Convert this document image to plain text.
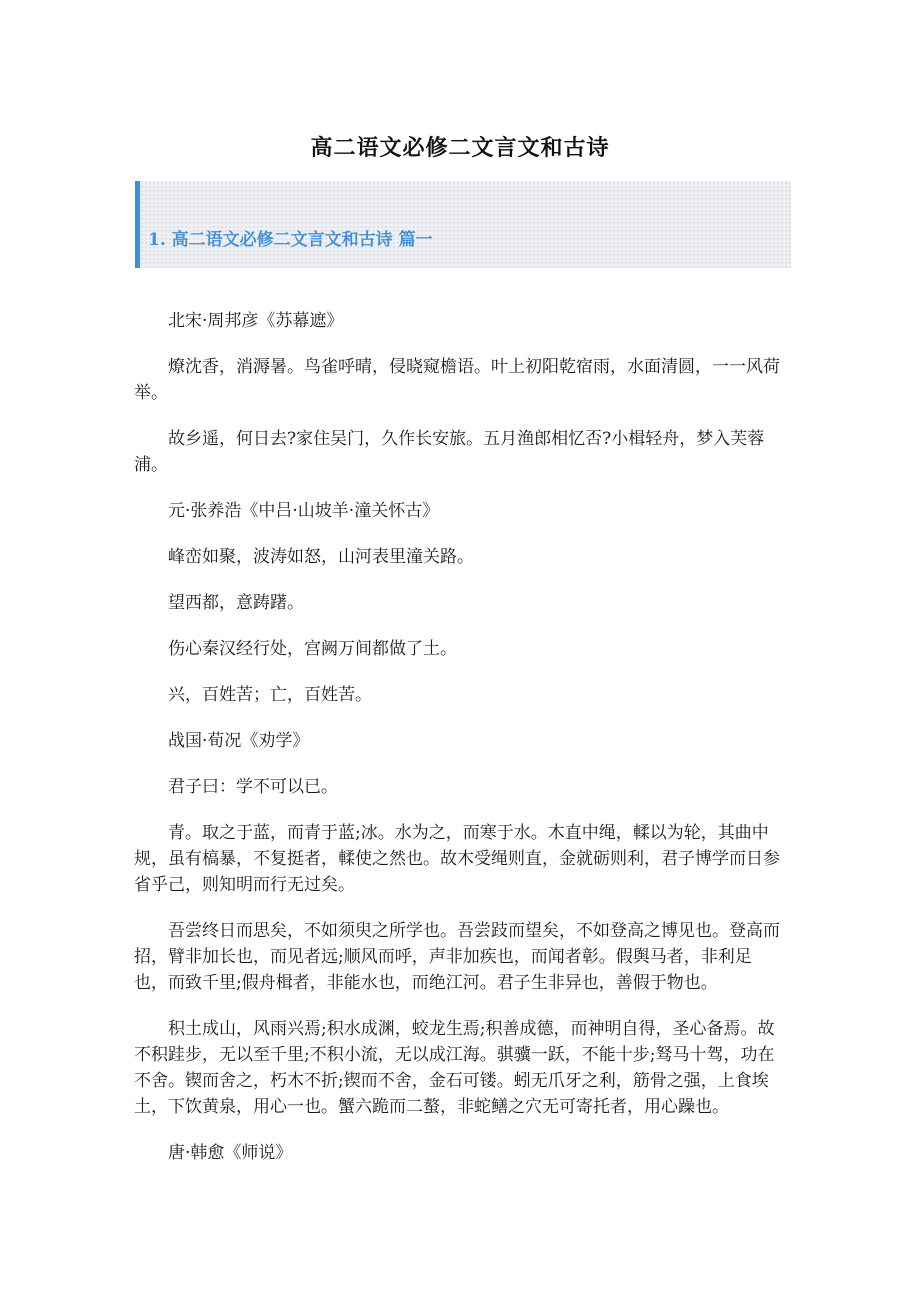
高二语文必修二文言文和古诗
1. 高二语文必修二文言文和古诗 篇一

北宋·周邦彦《苏幕遮》

燎沈香，消溽暑。鸟雀呼晴，侵晓窥檐语。叶上初阳乾宿雨，水面清圆，一一风荷举。

故乡遥，何日去?家住吴门，久作长安旅。五月渔郎相忆否?小楫轻舟，梦入芙蓉浦。

元·张养浩《中吕·山坡羊·潼关怀古》

峰峦如聚，波涛如怒，山河表里潼关路。

望西都，意踌躇。

伤心秦汉经行处，宫阙万间都做了土。

兴，百姓苦；亡，百姓苦。

战国·荀况《劝学》

君子曰：学不可以已。

青。取之于蓝，而青于蓝;冰。水为之，而寒于水。木直中绳，輮以为轮，其曲中规，虽有槁暴，不复挺者，輮使之然也。故木受绳则直，金就砺则利，君子博学而日参省乎己，则知明而行无过矣。

吾尝终日而思矣，不如须臾之所学也。吾尝跂而望矣，不如登高之博见也。登高而招，臂非加长也，而见者远;顺风而呼，声非加疾也，而闻者彰。假舆马者，非利足也，而致千里;假舟楫者，非能水也，而绝江河。君子生非异也，善假于物也。

积土成山，风雨兴焉;积水成渊，蛟龙生焉;积善成德，而神明自得，圣心备焉。故不积跬步，无以至千里;不积小流，无以成江海。骐骥一跃，不能十步;驽马十驾，功在不舍。锲而舍之，朽木不折;锲而不舍，金石可镂。蚓无爪牙之利，筋骨之强，上食埃土，下饮黄泉，用心一也。蟹六跪而二螯，非蛇鳝之穴无可寄托者，用心躁也。

唐·韩愈《师说》
